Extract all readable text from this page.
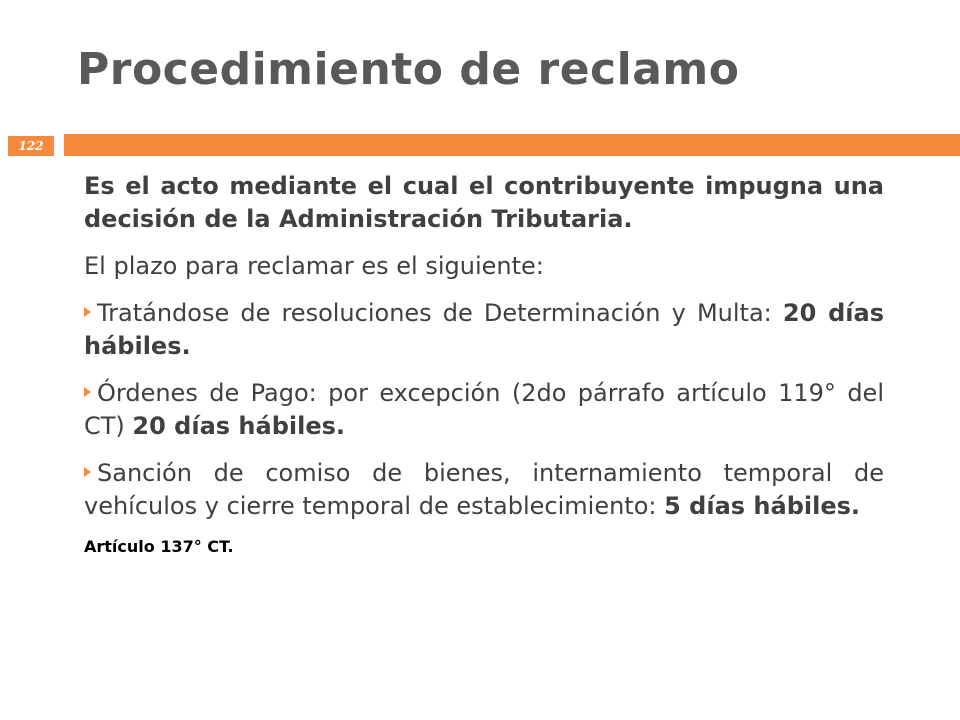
Procedimiento de reclamo
122

Es el acto mediante el cual el contribuyente impugna una decisión de la Administración Tributaria.

El plazo para reclamar es el siguiente:

Tratándose de resoluciones de Determinación y Multa: 20 días hábiles.

Órdenes de Pago: por excepción (2do párrafo artículo 119° del CT) 20 días hábiles.

Sanción de comiso de bienes, internamiento temporal de vehículos y cierre temporal de establecimiento: 5 días hábiles.

Artículo 137° CT.
